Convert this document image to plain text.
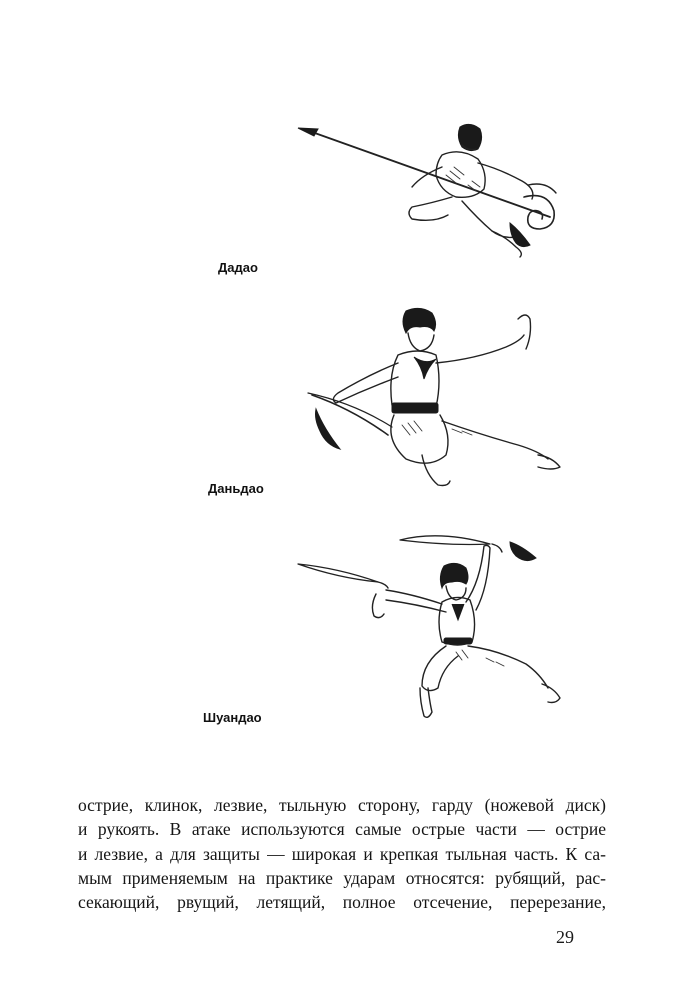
Дадао
Даньдао
Шуандао
острие, клинок, лезвие, тыльную сторону, гарду (ножевой диск)
и рукоять. В атаке используются самые острые части — острие
и лезвие, а для защиты — широкая и крепкая тыльная часть. К са-
мым применяемым на практике ударам относятся: рубящий, рас-
секающий, рвущий, летящий, полное отсечение, перерезание,
29
